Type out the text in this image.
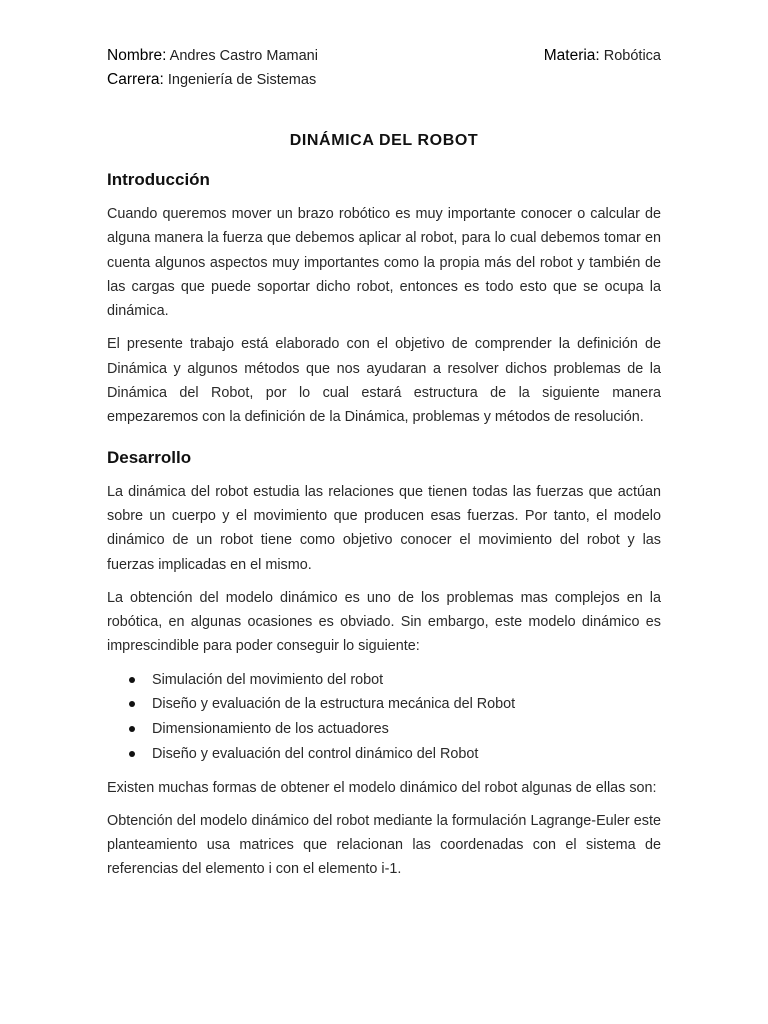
Nombre: Andres Castro Mamani	Materia: Robótica
Carrera: Ingeniería de Sistemas
DINÁMICA DEL ROBOT
Introducción

Cuando queremos mover un brazo robótico es muy importante conocer o calcular de alguna manera la fuerza que debemos aplicar al robot, para lo cual debemos tomar en cuenta algunos aspectos muy importantes como la propia más del robot y también de las cargas que puede soportar dicho robot, entonces es todo esto que se ocupa la dinámica.

El presente trabajo está elaborado con el objetivo de comprender la definición de Dinámica y algunos métodos que nos ayudaran a resolver dichos problemas de la Dinámica del Robot, por lo cual estará estructura de la siguiente manera empezaremos con la definición de la Dinámica, problemas y métodos de resolución.

Desarrollo

La dinámica del robot estudia las relaciones que tienen todas las fuerzas que actúan sobre un cuerpo y el movimiento que producen esas fuerzas. Por tanto, el modelo dinámico de un robot tiene como objetivo conocer el movimiento del robot y las fuerzas implicadas en el mismo.

La obtención del modelo dinámico es uno de los problemas mas complejos en la robótica, en algunas ocasiones es obviado. Sin embargo, este modelo dinámico es imprescindible para poder conseguir lo siguiente:

Simulación del movimiento del robot
Diseño y evaluación de la estructura mecánica del Robot
Dimensionamiento de los actuadores
Diseño y evaluación del control dinámico del Robot

Existen muchas formas de obtener el modelo dinámico del robot algunas de ellas son:

Obtención del modelo dinámico del robot mediante la formulación Lagrange-Euler este planteamiento usa matrices que relacionan las coordenadas con el sistema de referencias del elemento i con el elemento i-1.
